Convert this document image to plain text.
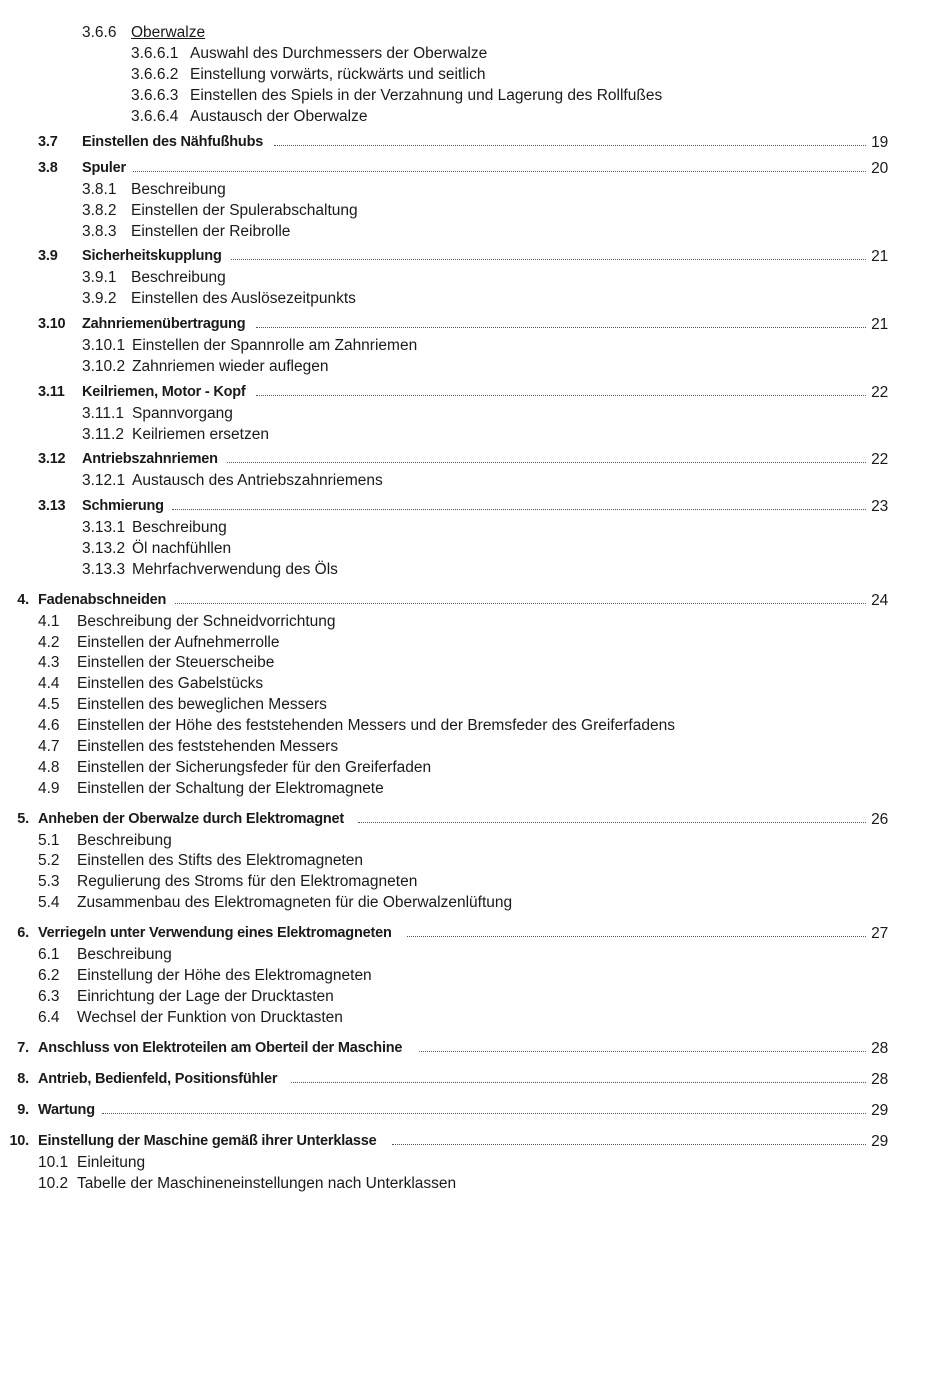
3.6.6 Oberwalze
3.6.6.1 Auswahl des Durchmessers der Oberwalze
3.6.6.2 Einstellung vorwärts, rückwärts und seitlich
3.6.6.3 Einstellen des Spiels in der Verzahnung und Lagerung des Rollfußes
3.6.6.4 Austausch der Oberwalze
3.7 Einstellen des Nähfußhubs	19
3.8 Spuler	20
3.8.1 Beschreibung
3.8.2 Einstellen der Spulerabschaltung
3.8.3 Einstellen der Reibrolle
3.9 Sicherheitskupplung	21
3.9.1 Beschreibung
3.9.2 Einstellen des Auslösezeitpunkts
3.10 Zahnriemenübertragung	21
3.10.1 Einstellen der Spannrolle am Zahnriemen
3.10.2 Zahnriemen wieder auflegen
3.11 Keilriemen, Motor - Kopf	22
3.11.1 Spannvorgang
3.11.2 Keilriemen ersetzen
3.12 Antriebszahnriemen	22
3.12.1 Austausch des Antriebszahnriemens
3.13 Schmierung	23
3.13.1 Beschreibung
3.13.2 Öl nachfühllen
3.13.3 Mehrfachverwendung des Öls
4. Fadenabschneiden	24
4.1 Beschreibung der Schneidvorrichtung
4.2 Einstellen der Aufnehmerrolle
4.3 Einstellen der Steuerscheibe
4.4 Einstellen des Gabelstücks
4.5 Einstellen des beweglichen Messers
4.6 Einstellen der Höhe des feststehenden Messers und der Bremsfeder des Greiferfadens
4.7 Einstellen des feststehenden Messers
4.8 Einstellen der Sicherungsfeder für den Greiferfaden
4.9 Einstellen der Schaltung der Elektromagnete
5. Anheben der Oberwalze durch Elektromagnet	26
5.1 Beschreibung
5.2 Einstellen des Stifts des Elektromagneten
5.3 Regulierung des Stroms für den Elektromagneten
5.4 Zusammenbau des Elektromagneten für die Oberwalzenlüftung
6. Verriegeln unter Verwendung eines Elektromagneten	27
6.1 Beschreibung
6.2 Einstellung der Höhe des Elektromagneten
6.3 Einrichtung der Lage der Drucktasten
6.4 Wechsel der Funktion von Drucktasten
7. Anschluss von Elektroteilen am Oberteil der Maschine	28
8. Antrieb, Bedienfeld, Positionsfühler	28
9. Wartung	29
10. Einstellung der Maschine gemäß ihrer Unterklasse	29
10.1 Einleitung
10.2 Tabelle der Maschineneinstellungen nach Unterklassen
